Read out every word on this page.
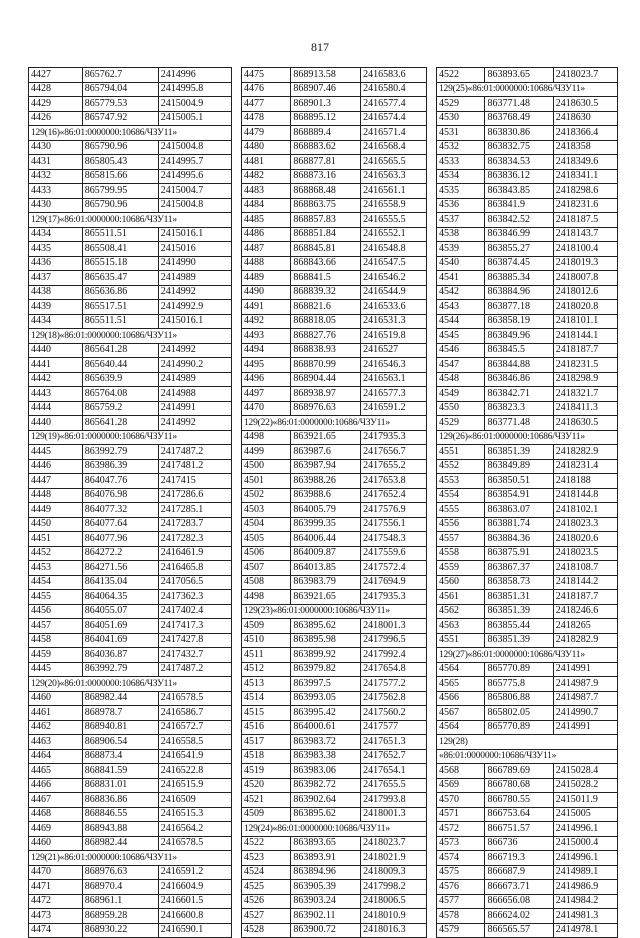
817
4427	865762.7	2414996
4428	865794.04	2414995.8
4429	865779.53	2415004.9
4426	865747.92	2415005.1
129(16)«86:01:0000000:10686/ЧЗУ11»		
4430	865790.96	2415004.8
4431	865805.43	2414995.7
4432	865815.66	2414995.6
4433	865799.95	2415004.7
4430	865790.96	2415004.8
129(17)«86:01:0000000:10686/ЧЗУ11»		
4434	865511.51	2415016.1
4435	865508.41	2415016
4436	865515.18	2414990
4437	865635.47	2414989
4438	865636.86	2414992
4439	865517.51	2414992.9
4434	865511.51	2415016.1
129(18)«86:01:0000000:10686/ЧЗУ11»		
4440	865641.28	2414992
4441	865640.44	2414990.2
4442	865639.9	2414989
4443	865764.08	2414988
4444	865759.2	2414991
4440	865641.28	2414992
129(19)«86:01:0000000:10686/ЧЗУ11»		
4445	863992.79	2417487.2
4446	863986.39	2417481.2
4447	864047.76	2417415
4448	864076.98	2417286.6
4449	864077.32	2417285.1
4450	864077.64	2417283.7
4451	864077.96	2417282.3
4452	864272.2	2416461.9
4453	864271.56	2416465.8
4454	864135.04	2417056.5
4455	864064.35	2417362.3
4456	864055.07	2417402.4
4457	864051.69	2417417.3
4458	864041.69	2417427.8
4459	864036.87	2417432.7
4445	863992.79	2417487.2
129(20)«86:01:0000000:10686/ЧЗУ11»		
4460	868982.44	2416578.5
4461	868978.7	2416586.7
4462	868940.81	2416572.7
4463	868906.54	2416558.5
4464	868873.4	2416541.9
4465	868841.59	2416522.8
4466	868831.01	2416515.9
4467	868836.86	2416509
4468	868846.55	2416515.3
4469	868943.88	2416564.2
4460	868982.44	2416578.5
129(21)«86:01:0000000:10686/ЧЗУ11»		
4470	868976.63	2416591.2
4471	868970.4	2416604.9
4472	868961.1	2416601.5
4473	868959.28	2416600.8
4474	868930.22	2416590.1
4475	868913.58	2416583.6
4476	868907.46	2416580.4
4477	868901.3	2416577.4
4478	868895.12	2416574.4
4479	868889.4	2416571.4
4480	868883.62	2416568.4
4481	868877.81	2416565.5
4482	868873.16	2416563.3
4483	868868.48	2416561.1
4484	868863.75	2416558.9
4485	868857.83	2416555.5
4486	868851.84	2416552.1
4487	868845.81	2416548.8
4488	868843.66	2416547.5
4489	868841.5	2416546.2
4490	868839.32	2416544.9
4491	868821.6	2416533.6
4492	868818.05	2416531.3
4493	868827.76	2416519.8
4494	868838.93	2416527
4495	868870.99	2416546.3
4496	868904.44	2416563.1
4497	868938.97	2416577.3
4470	868976.63	2416591.2
129(22)«86:01:0000000:10686/ЧЗУ11»		
4498	863921.65	2417935.3
4499	863987.6	2417656.7
4500	863987.94	2417655.2
4501	863988.26	2417653.8
4502	863988.6	2417652.4
4503	864005.79	2417576.9
4504	863999.35	2417556.1
4505	864006.44	2417548.3
4506	864009.87	2417559.6
4507	864013.85	2417572.4
4508	863983.79	2417694.9
4498	863921.65	2417935.3
129(23)«86:01:0000000:10686/ЧЗУ11»		
4509	863895.62	2418001.3
4510	863895.98	2417996.5
4511	863899.92	2417992.4
4512	863979.82	2417654.8
4513	863997.5	2417577.2
4514	863993.05	2417562.8
4515	863995.42	2417560.2
4516	864000.61	2417577
4517	863983.72	2417651.3
4518	863983.38	2417652.7
4519	863983.06	2417654.1
4520	863982.72	2417655.5
4521	863902.64	2417993.8
4509	863895.62	2418001.3
129(24)«86:01:0000000:10686/ЧЗУ11»		
4522	863893.65	2418023.7
4523	863893.91	2418021.9
4524	863894.96	2418009.3
4525	863905.39	2417998.2
4526	863903.24	2418006.5
4527	863902.11	2418010.9
4528	863900.72	2418016.3
4522	863893.65	2418023.7
129(25)«86:01:0000000:10686/ЧЗУ11»		
4529	863771.48	2418630.5
4530	863768.49	2418630
4531	863830.86	2418366.4
4532	863832.75	2418358
4533	863834.53	2418349.6
4534	863836.12	2418341.1
4535	863843.85	2418298.6
4536	863841.9	2418231.6
4537	863842.52	2418187.5
4538	863846.99	2418143.7
4539	863855.27	2418100.4
4540	863874.45	2418019.3
4541	863885.34	2418007.8
4542	863884.96	2418012.6
4543	863877.18	2418020.8
4544	863858.19	2418101.1
4545	863849.96	2418144.1
4546	863845.5	2418187.7
4547	863844.88	2418231.5
4548	863846.86	2418298.9
4549	863842.71	2418321.7
4550	863823.3	2418411.3
4529	863771.48	2418630.5
129(26)«86:01:0000000:10686/ЧЗУ11»		
4551	863851.39	2418282.9
4552	863849.89	2418231.4
4553	863850.51	2418188
4554	863854.91	2418144.8
4555	863863.07	2418102.1
4556	863881.74	2418023.3
4557	863884.36	2418020.6
4558	863875.91	2418023.5
4559	863867.37	2418108.7
4560	863858.73	2418144.2
4561	863851.31	2418187.7
4562	863851.39	2418246.6
4563	863855.44	2418265
4551	863851.39	2418282.9
129(27)«86:01:0000000:10686/ЧЗУ11»		
4564	865770.89	2414991
4565	865775.8	2414987.9
4566	865806.88	2414987.7
4567	865802.05	2414990.7
4564	865770.89	2414991
129(28)		
«86:01:0000000:10686/ЧЗУ11»		
4568	866789.69	2415028.4
4569	866780.68	2415028.2
4570	866780.55	2415011.9
4571	866753.64	2415005
4572	866751.57	2414996.1
4573	866736	2415000.4
4574	866719.3	2414996.1
4575	866687.9	2414989.1
4576	866673.71	2414986.9
4577	866656.08	2414984.2
4578	866624.02	2414981.3
4579	866565.57	2414978.1
